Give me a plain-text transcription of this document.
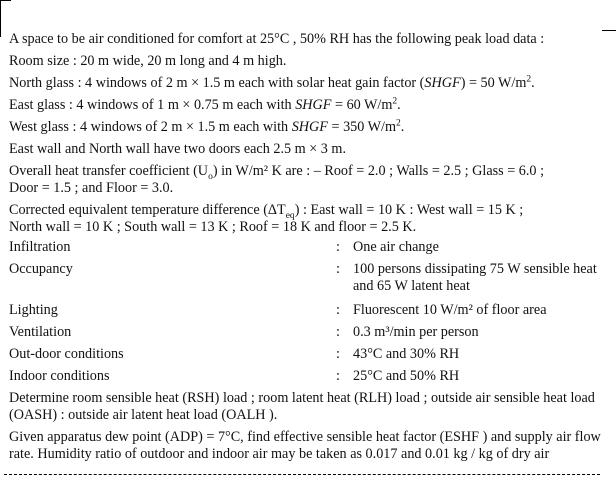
A space to be air conditioned for comfort at 25°C , 50% RH has the following peak load data :

Room size : 20 m wide, 20 m long and 4 m high.

North glass : 4 windows of 2 m × 1.5 m each with solar heat gain factor (SHGF) = 50 $W/m^2$.

East glass : 4 windows of 1 m × 0.75 m each with SHGF = 60 $W/m^2$.

West glass : 4 windows of 2 m × 1.5 m each with SHGF = 350 $W/m^2$.

East wall and North wall have two doors each 2.5 m × 3 m.

Overall heat transfer coefficient $(U_o)$ in W/m² K are : – Roof = 2.0 ; Walls = 2.5 ; Glass = 6.0 ;
Door = 1.5 ; and Floor = 3.0.
Corrected equivalent temperature difference $(\Delta T_{eq})$ : East wall = 10 K : West wall = 15 K ;
North wall = 10 K ; South wall = 13 K ; Roof = 18 K and floor = 2.5 K.
Infiltration	: One air change
Occupancy	: 100 persons dissipating 75 W sensible heat and 65 W latent heat
Lighting	: Fluorescent 10 W/m² of floor area
Ventilation	: 0.3 m³/min per person
Out-door conditions	: 43°C and 30% RH
Indoor conditions	: 25°C and 50% RH

Determine room sensible heat (RSH) load ; room latent heat (RLH) load ; outside air sensible heat load (OASH) : outside air latent heat load (OALH ).

Given apparatus dew point (ADP) = 7°C, find effective sensible heat factor (ESHF ) and supply air flow rate. Humidity ratio of outdoor and indoor air may be taken as 0.017 and 0.01 kg / kg of dry air
